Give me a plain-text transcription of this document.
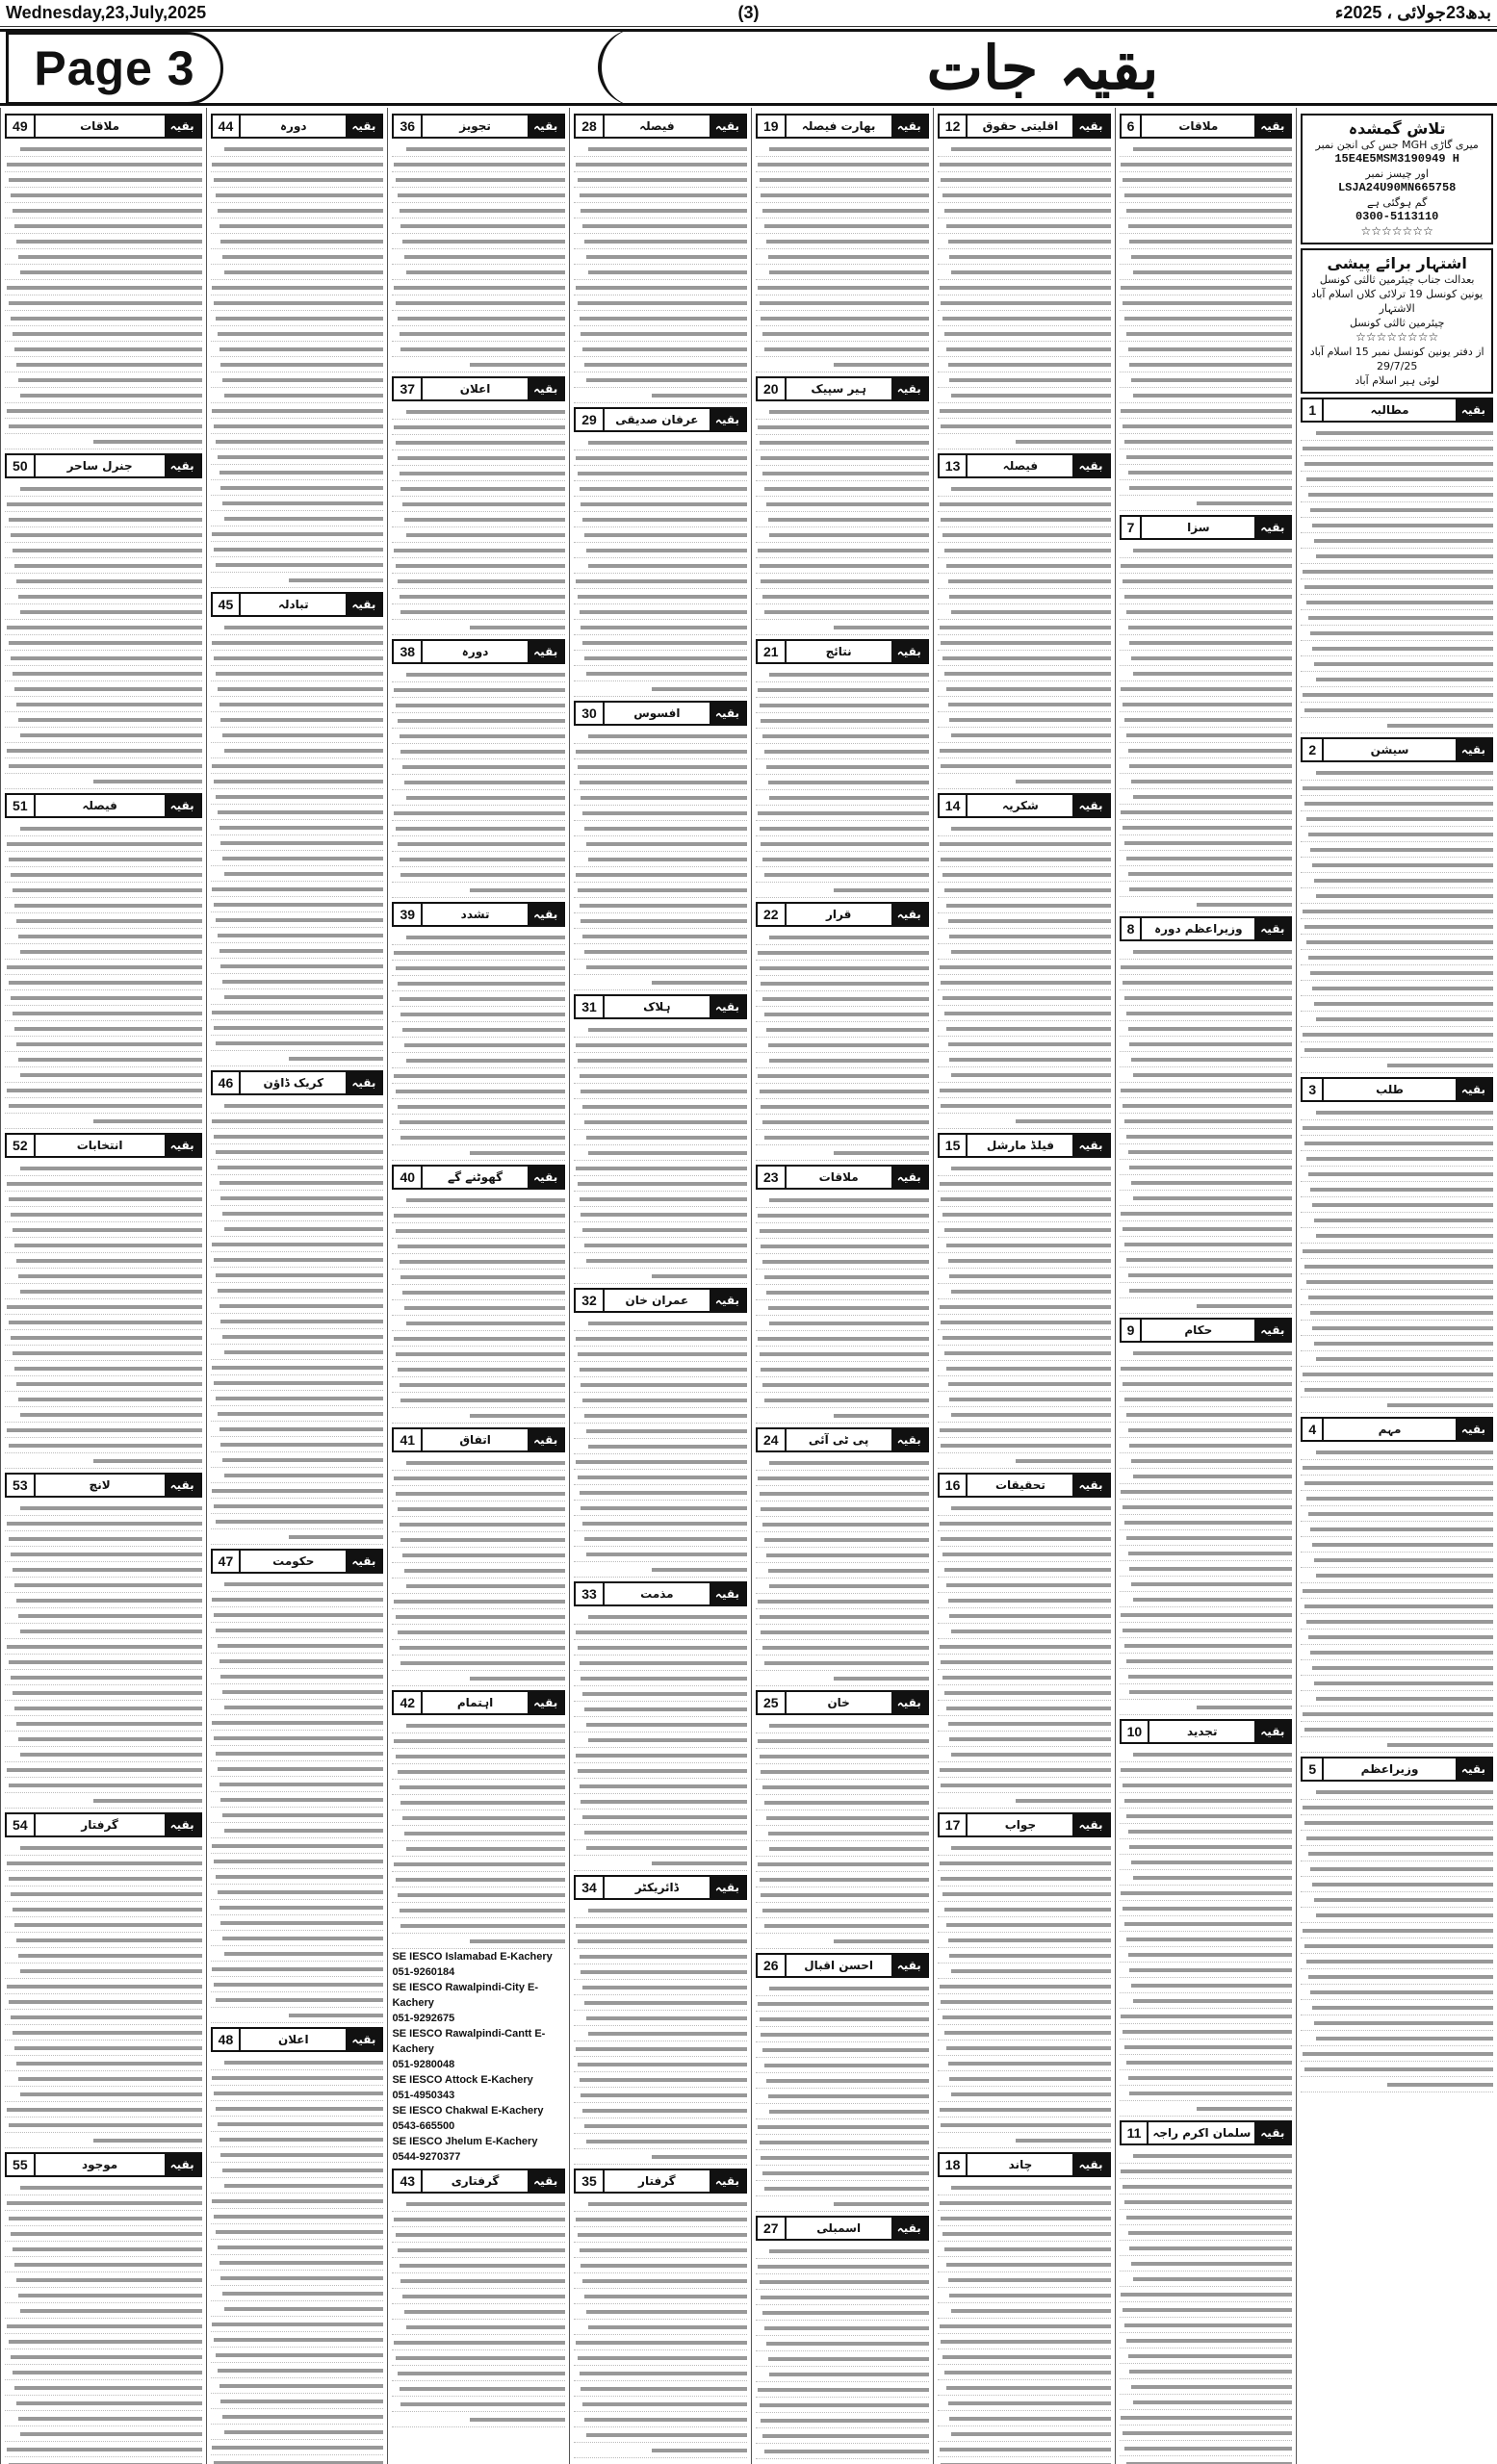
Wednesday,23,July,2025	(3)	بدھ23جولائی ، 2025ء
Page 3	بقیہ جات
تلاش گمشدہ
میری گاڑی MGH جس کی انجن نمبر
15E4E5MSM3190949 H
اور چیسز نمبر
LSJA24U90MN665758
گم ہوگئی ہے
0300-5113110
☆☆☆☆☆☆☆
اشتہار برائے پیشی
بعدالت جناب چیئرمین ثالثی کونسل
یونین کونسل 19 ترلائی کلاں اسلام آباد
الاشتہار
چیئرمین ثالثی کونسل
☆☆☆☆☆☆☆☆
از دفتر یونین کونسل نمبر 15 اسلام آباد
29/7/25
لوئی ہیر اسلام آباد
بقیہ
مطالبہ
1
بقیہ
سیشن
2
بقیہ
طلب
3
بقیہ
مہم
4
بقیہ
وزیراعظم
5
بقیہ
ملاقات
6
بقیہ
سزا
7
بقیہ
وزیراعظم دورہ
8
بقیہ
حکام
9
بقیہ
تجدید
10
بقیہ
سلمان اکرم راجہ
11
بقیہ
اقلیتی حقوق
12
بقیہ
فیصلہ
13
بقیہ
شکریہ
14
بقیہ
فیلڈ مارشل
15
بقیہ
تحقیقات
16
بقیہ
جواب
17
بقیہ
چاند
18
بقیہ
بھارت فیصلہ
19
بقیہ
ہیر سپیک
20
بقیہ
نتائج
21
بقیہ
قرار
22
بقیہ
ملاقات
23
بقیہ
پی ٹی آئی
24
بقیہ
خان
25
بقیہ
احسن اقبال
26
بقیہ
اسمبلی
27
بقیہ
فیصلہ
28
بقیہ
عرفان صدیقی
29
بقیہ
افسوس
30
بقیہ
ہلاک
31
بقیہ
عمران خان
32
بقیہ
مذمت
33
بقیہ
ڈائریکٹر
34
بقیہ
گرفتار
35
بقیہ
تجویز
36
بقیہ
اعلان
37
بقیہ
دورہ
38
بقیہ
تشدد
39
بقیہ
گھوٹنے گے
40
بقیہ
اتفاق
41
بقیہ
اہتمام
42
SE IESCO Islamabad E-Kachery
051-9260184
SE IESCO Rawalpindi-City E-Kachery
051-9292675
SE IESCO Rawalpindi-Cantt E-Kachery
051-9280048
SE IESCO Attock E-Kachery
051-4950343
SE IESCO Chakwal E-Kachery
0543-665500
SE IESCO Jhelum E-Kachery
0544-9270377
بقیہ
گرفتاری
43
بقیہ
دورہ
44
بقیہ
تبادلہ
45
بقیہ
کریک ڈاؤن
46
بقیہ
حکومت
47
بقیہ
اعلان
48
بقیہ
ملاقات
49
بقیہ
جنرل ساحر
50
بقیہ
فیصلہ
51
بقیہ
انتخابات
52
بقیہ
لانچ
53
بقیہ
گرفتار
54
بقیہ
موجود
55
